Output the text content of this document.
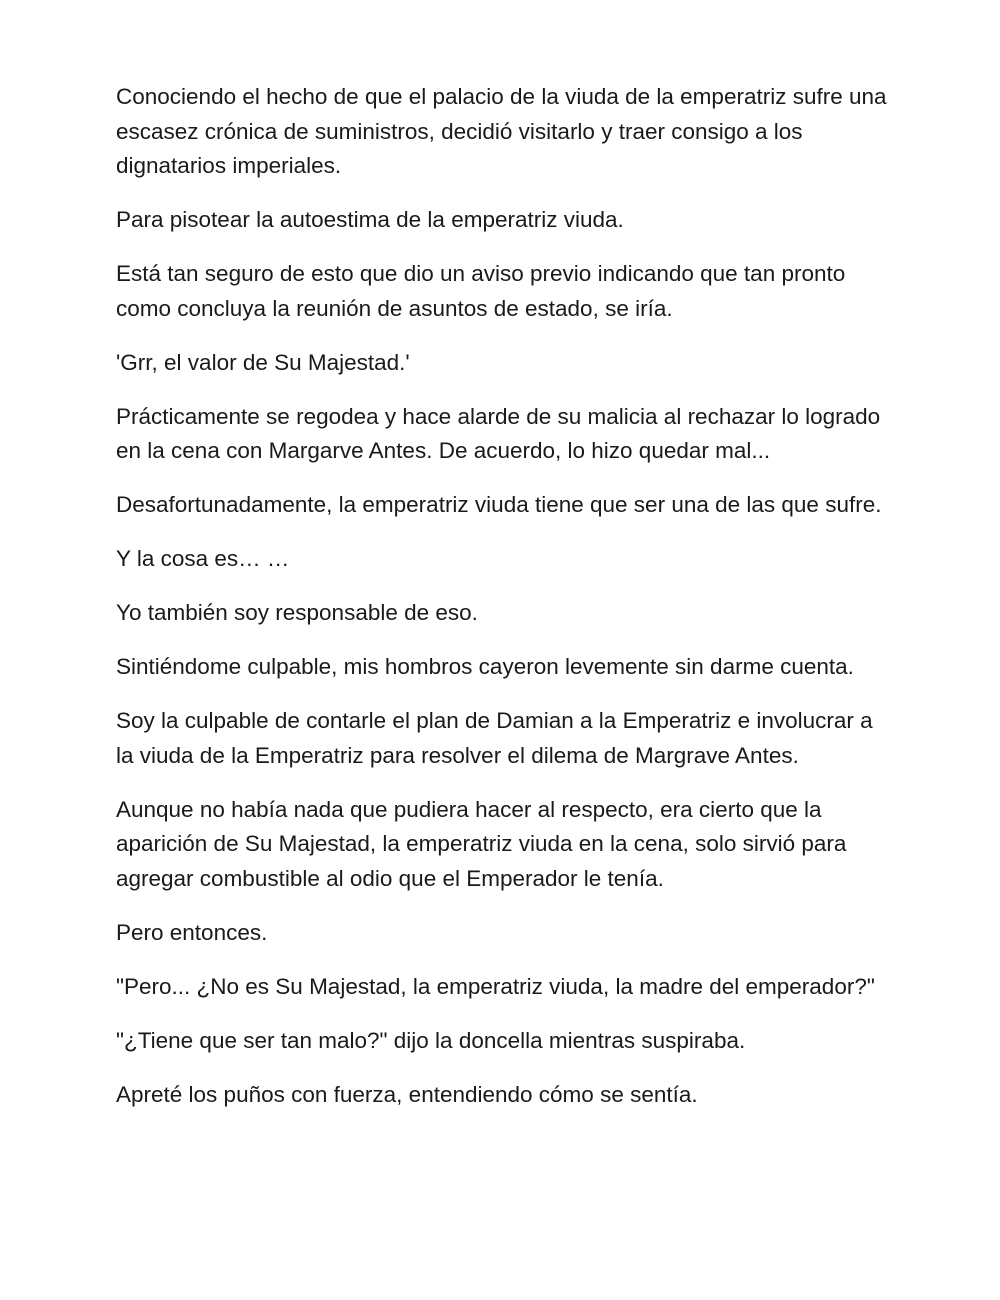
Conociendo el hecho de que el palacio de la viuda de la emperatriz sufre una escasez crónica de suministros, decidió visitarlo y traer consigo a los dignatarios imperiales.

Para pisotear la autoestima de la emperatriz viuda.

Está tan seguro de esto que dio un aviso previo indicando que tan pronto como concluya la reunión de asuntos de estado, se iría.

'Grr, el valor de Su Majestad.'

Prácticamente se regodea y hace alarde de su malicia al rechazar lo logrado en la cena con Margarve Antes. De acuerdo, lo hizo quedar mal...

Desafortunadamente, la emperatriz viuda tiene que ser una de las que sufre.

Y la cosa es… …

Yo también soy responsable de eso.

Sintiéndome culpable, mis hombros cayeron levemente sin darme cuenta.

Soy la culpable de contarle el plan de Damian a la Emperatriz e involucrar a la viuda de la Emperatriz para resolver el dilema de Margrave Antes.

Aunque no había nada que pudiera hacer al respecto, era cierto que la aparición de Su Majestad, la emperatriz viuda en la cena, solo sirvió para agregar combustible al odio que el Emperador le tenía.

Pero entonces.

"Pero... ¿No es Su Majestad, la emperatriz viuda, la madre del emperador?"

"¿Tiene que ser tan malo?" dijo la doncella mientras suspiraba.

Apreté los puños con fuerza, entendiendo cómo se sentía.
